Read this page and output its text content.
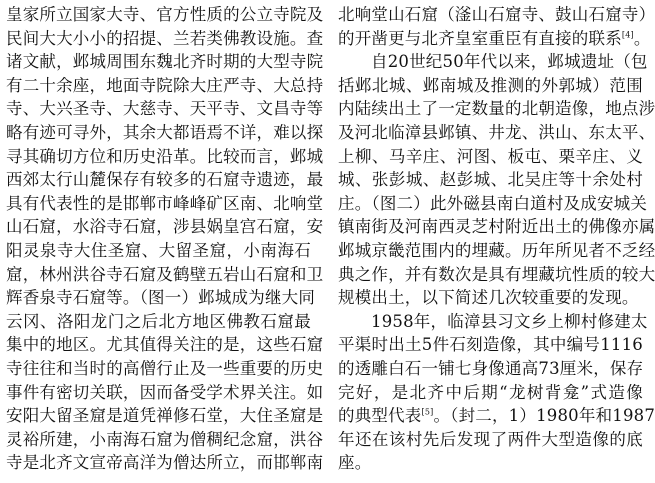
皇家所立国家大寺、官方性质的公立寺院及
民间大大小小的招提、兰若类佛教设施。查
诸文献，邺城周围东魏北齐时期的大型寺院
有二十余座，地面寺院除大庄严寺、大总持
寺、大兴圣寺、大慈寺、天平寺、文昌寺等
略有迹可寻外，其余大都语焉不详，难以探
寻其确切方位和历史沿革。比较而言，邺城
西郊太行山麓保存有较多的石窟寺遗迹，最
具有代表性的是邯郸市峰峰矿区南、北响堂
山石窟，水浴寺石窟，涉县娲皇宫石窟，安
阳灵泉寺大住圣窟、大留圣窟，小南海石
窟，林州洪谷寺石窟及鹤壁五岩山石窟和卫
辉香泉寺石窟等。（图一）邺城成为继大同
云冈、洛阳龙门之后北方地区佛教石窟最
集中的地区。尤其值得关注的是，这些石窟
寺往往和当时的高僧行止及一些重要的历史
事件有密切关联，因而备受学术界关注。如
安阳大留圣窟是道凭禅修石堂，大住圣窟是
灵裕所建，小南海石窟为僧稠纪念窟，洪谷
寺是北齐文宣帝高洋为僧达所立，而邯郸南
北响堂山石窟（滏山石窟寺、鼓山石窟寺）
的开凿更与北齐皇室重臣有直接的联系[4]。
自20世纪50年代以来，邺城遗址（包
括邺北城、邺南城及推测的外郭城）范围
内陆续出土了一定数量的北朝造像，地点涉
及河北临漳县邺镇、井龙、洪山、东太平、
上柳、马辛庄、河图、板屯、栗辛庄、义
城、张彭城、赵彭城、北吴庄等十余处村
庄。（图二）此外磁县南白道村及成安城关
镇南街及河南西灵芝村附近出土的佛像亦属
邺城京畿范围内的埋藏。历年所见者不乏经
典之作，并有数次是具有埋藏坑性质的较大
规模出土，以下简述几次较重要的发现。
1958年，临漳县习文乡上柳村修建太
平渠时出土5件石刻造像，其中编号1116
的透雕白石一铺七身像通高73厘米，保存
完好，是北齐中后期“龙树背龛”式造像
的典型代表[5]。（封二，1）1980年和1987
年还在该村先后发现了两件大型造像的底
座。
